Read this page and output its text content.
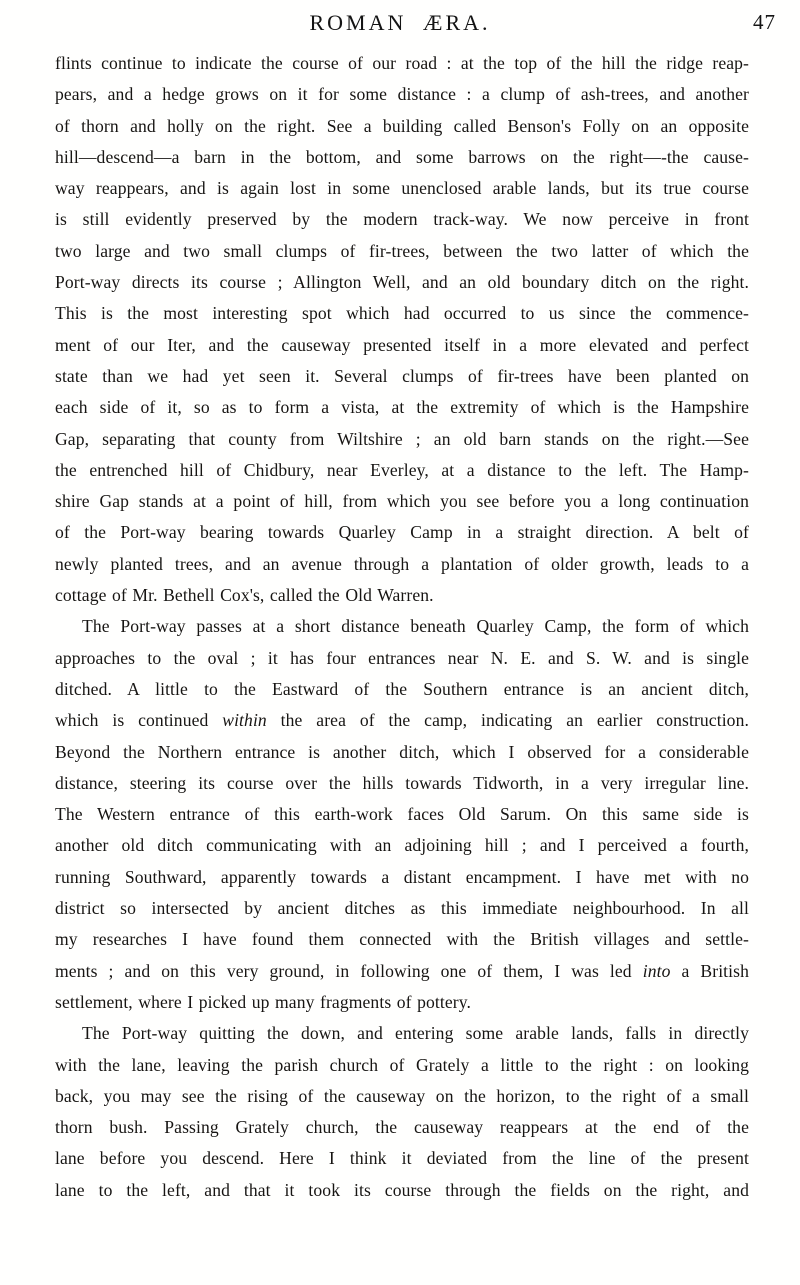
ROMAN ÆRA.	47
flints continue to indicate the course of our road : at the top of the hill the ridge reap-
pears, and a hedge grows on it for some distance : a clump of ash-trees, and another
of thorn and holly on the right. See a building called Benson's Folly on an opposite
hill—descend—a barn in the bottom, and some barrows on the right—-the cause-
way reappears, and is again lost in some unenclosed arable lands, but its true course
is still evidently preserved by the modern track-way. We now perceive in front
two large and two small clumps of fir-trees, between the two latter of which the
Port-way directs its course ; Allington Well, and an old boundary ditch on the right.
This is the most interesting spot which had occurred to us since the commence-
ment of our Iter, and the causeway presented itself in a more elevated and perfect
state than we had yet seen it. Several clumps of fir-trees have been planted on
each side of it, so as to form a vista, at the extremity of which is the Hampshire
Gap, separating that county from Wiltshire ; an old barn stands on the right.—See
the entrenched hill of Chidbury, near Everley, at a distance to the left. The Hamp-
shire Gap stands at a point of hill, from which you see before you a long continuation
of the Port-way bearing towards Quarley Camp in a straight direction. A belt of
newly planted trees, and an avenue through a plantation of older growth, leads to a
cottage of Mr. Bethell Cox's, called the Old Warren.
The Port-way passes at a short distance beneath Quarley Camp, the form of which
approaches to the oval ; it has four entrances near N. E. and S. W. and is single
ditched. A little to the Eastward of the Southern entrance is an ancient ditch,
which is continued within the area of the camp, indicating an earlier construction.
Beyond the Northern entrance is another ditch, which I observed for a considerable
distance, steering its course over the hills towards Tidworth, in a very irregular line.
The Western entrance of this earth-work faces Old Sarum. On this same side is
another old ditch communicating with an adjoining hill ; and I perceived a fourth,
running Southward, apparently towards a distant encampment. I have met with no
district so intersected by ancient ditches as this immediate neighbourhood. In all
my researches I have found them connected with the British villages and settle-
ments ; and on this very ground, in following one of them, I was led into a British
settlement, where I picked up many fragments of pottery.
The Port-way quitting the down, and entering some arable lands, falls in directly
with the lane, leaving the parish church of Grately a little to the right : on looking
back, you may see the rising of the causeway on the horizon, to the right of a small
thorn bush. Passing Grately church, the causeway reappears at the end of the
lane before you descend. Here I think it deviated from the line of the present
lane to the left, and that it took its course through the fields on the right, and
